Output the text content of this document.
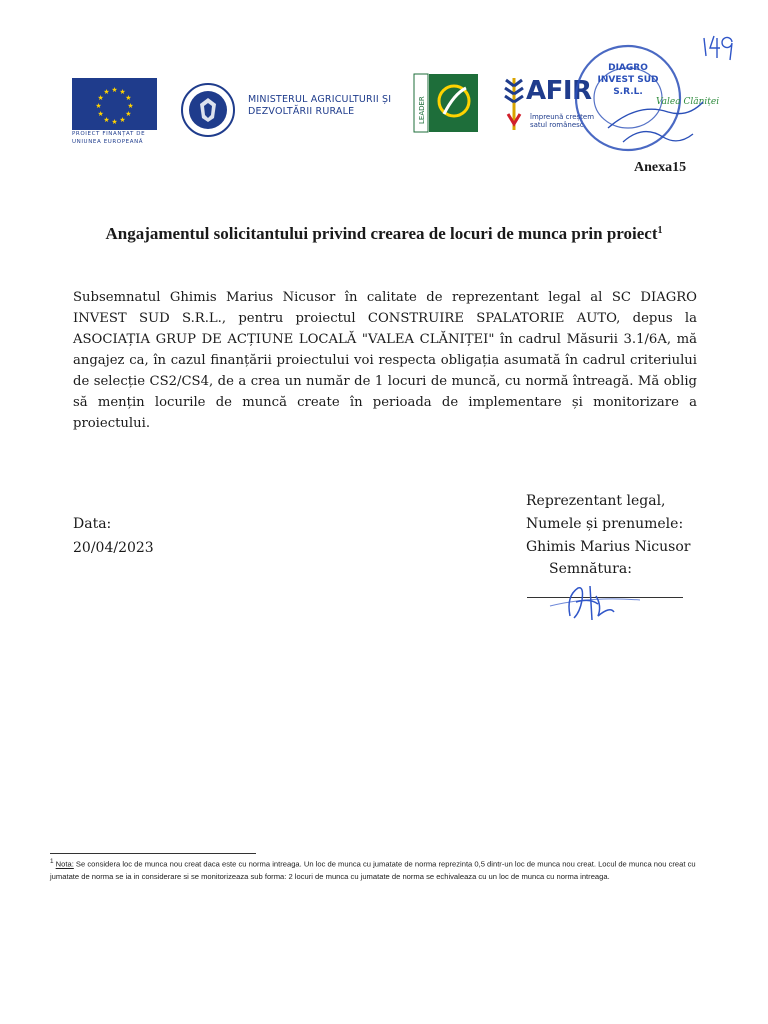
★ ★
★
★
★
★
★
★
★
★
★
★
PROIECT FINANȚAT DE UNIUNEA EUROPEANĂ
MINISTERUL AGRICULTURII ȘI
DEZVOLTĂRII RURALE	LEADER
AFIR
împreună creștem
satul românesc
DIAGRO
INVEST SUD
S.R.L.
Valea Clăniței
Anexa15
Angajamentul solicitantului privind crearea de locuri de munca prin proiect$^1$
Subsemnatul Ghimis Marius Nicusor în calitate de reprezentant legal al SC DIAGRO INVEST SUD S.R.L., pentru proiectul CONSTRUIRE SPALATORIE AUTO, depus la ASOCIAȚIA GRUP DE ACȚIUNE LOCALĂ "VALEA CLĂNIȚEI" în cadrul Măsurii 3.1/6A, mă angajez ca, în cazul finanțării proiectului voi respecta obligația asumată în cadrul criteriului de selecție CS2/CS4, de a crea un număr de 1 locuri de muncă, cu normă întreagă. Mă oblig să mențin locurile de muncă create în perioada de implementare și monitorizare a proiectului.
Data:
20/04/2023
Reprezentant legal,
Numele și prenumele:
Ghimis Marius Nicusor
Semnătura:
$^1$ Nota: Se considera loc de munca nou creat daca este cu norma intreaga. Un loc de munca cu jumatate de norma reprezinta 0,5 dintr-un loc de munca nou creat. Locul de munca nou creat cu jumatate de norma se ia in considerare si se monitorizeaza sub forma: 2 locuri de munca cu jumatate de norma se echivaleaza cu un loc de munca cu norma intreaga.
